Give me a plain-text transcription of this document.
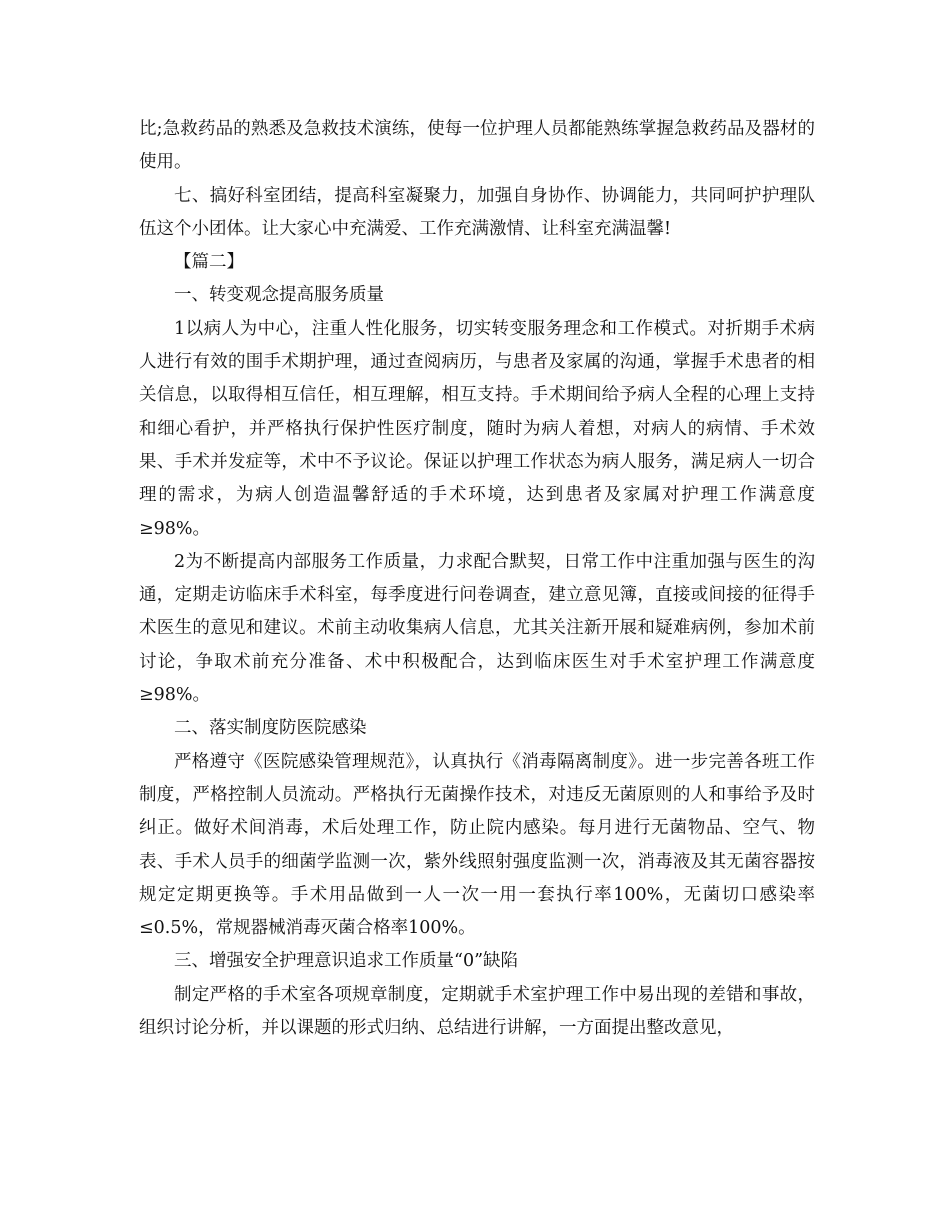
比;急救药品的熟悉及急救技术演练，使每一位护理人员都能熟练掌握急救药品及器材的使用。

七、搞好科室团结，提高科室凝聚力，加强自身协作、协调能力，共同呵护护理队伍这个小团体。让大家心中充满爱、工作充满激情、让科室充满温馨!

【篇二】

一、转变观念提高服务质量

1以病人为中心，注重人性化服务，切实转变服务理念和工作模式。对折期手术病人进行有效的围手术期护理，通过查阅病历，与患者及家属的沟通，掌握手术患者的相关信息，以取得相互信任，相互理解，相互支持。手术期间给予病人全程的心理上支持和细心看护，并严格执行保护性医疗制度，随时为病人着想，对病人的病情、手术效果、手术并发症等，术中不予议论。保证以护理工作状态为病人服务，满足病人一切合理的需求，为病人创造温馨舒适的手术环境，达到患者及家属对护理工作满意度≥98%。

2为不断提高内部服务工作质量，力求配合默契，日常工作中注重加强与医生的沟通，定期走访临床手术科室，每季度进行问卷调查，建立意见簿，直接或间接的征得手术医生的意见和建议。术前主动收集病人信息，尤其关注新开展和疑难病例，参加术前讨论，争取术前充分准备、术中积极配合，达到临床医生对手术室护理工作满意度≥98%。

二、落实制度防医院感染

严格遵守《医院感染管理规范》，认真执行《消毒隔离制度》。进一步完善各班工作制度，严格控制人员流动。严格执行无菌操作技术，对违反无菌原则的人和事给予及时纠正。做好术间消毒，术后处理工作，防止院内感染。每月进行无菌物品、空气、物表、手术人员手的细菌学监测一次，紫外线照射强度监测一次，消毒液及其无菌容器按规定定期更换等。手术用品做到一人一次一用一套执行率100%，无菌切口感染率≤0.5%，常规器械消毒灭菌合格率100%。

三、增强安全护理意识追求工作质量“0”缺陷

制定严格的手术室各项规章制度，定期就手术室护理工作中易出现的差错和事故，组织讨论分析，并以课题的形式归纳、总结进行讲解，一方面提出整改意见，
